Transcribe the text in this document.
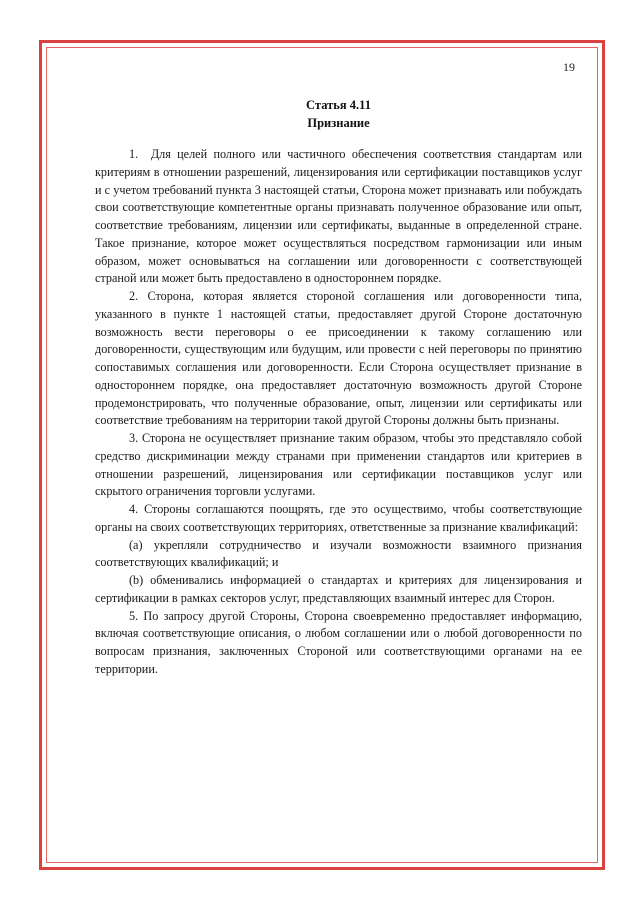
19
Статья 4.11
Признание

1.  Для целей полного или частичного обеспечения соответствия стандартам или критериям в отношении разрешений, лицензирования или сертификации поставщиков услуг и с учетом требований пункта 3 настоящей статьи, Сторона может признавать или побуждать свои соответствующие компетентные органы признавать полученное образование или опыт, соответствие требованиям, лицензии или сертификаты, выданные в определенной стране. Такое признание, которое может осуществляться посредством гармонизации или иным образом, может основываться на соглашении или договоренности с соответствующей страной или может быть предоставлено в одностороннем порядке.

2. Сторона, которая является стороной соглашения или договоренности типа, указанного в пункте 1 настоящей статьи, предоставляет другой Стороне достаточную возможность вести переговоры о ее присоединении к такому соглашению или договоренности, существующим или будущим, или провести с ней переговоры по принятию сопоставимых соглашения или договоренности. Если Сторона осуществляет признание в одностороннем порядке, она предоставляет достаточную возможность другой Стороне продемонстрировать, что полученные образование, опыт, лицензии или сертификаты или соответствие требованиям на территории такой другой Стороны должны быть признаны.

3. Сторона не осуществляет признание таким образом, чтобы это представляло собой средство дискриминации между странами при применении стандартов или критериев в отношении разрешений, лицензирования или сертификации поставщиков услуг или скрытого ограничения торговли услугами.

4. Стороны соглашаются поощрять, где это осуществимо, чтобы соответствующие органы на своих соответствующих территориях, ответственные за признание квалификаций:

(a) укрепляли сотрудничество и изучали возможности взаимного признания соответствующих квалификаций; и

(b) обменивались информацией о стандартах и критериях для лицензирования и сертификации в рамках секторов услуг, представляющих взаимный интерес для Сторон.

5. По запросу другой Стороны, Сторона своевременно предоставляет информацию, включая соответствующие описания, о любом соглашении или о любой договоренности по вопросам признания, заключенных Стороной или соответствующими органами на ее территории.
